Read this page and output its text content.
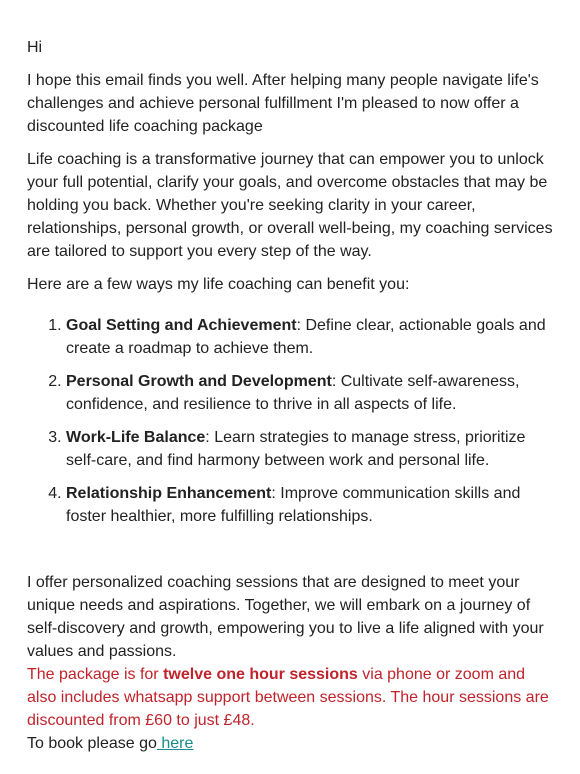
Hi

I hope this email finds you well. After helping many people navigate life's challenges and achieve personal fulfillment I'm pleased to now offer a discounted life coaching package

Life coaching is a transformative journey that can empower you to unlock your full potential, clarify your goals, and overcome obstacles that may be holding you back. Whether you're seeking clarity in your career, relationships, personal growth, or overall well-being, my coaching services are tailored to support you every step of the way.

Here are a few ways my life coaching can benefit you:

1. Goal Setting and Achievement: Define clear, actionable goals and create a roadmap to achieve them.
2. Personal Growth and Development: Cultivate self-awareness, confidence, and resilience to thrive in all aspects of life.
3. Work-Life Balance: Learn strategies to manage stress, prioritize self-care, and find harmony between work and personal life.
4. Relationship Enhancement: Improve communication skills and foster healthier, more fulfilling relationships.

I offer personalized coaching sessions that are designed to meet your unique needs and aspirations. Together, we will embark on a journey of self-discovery and growth, empowering you to live a life aligned with your values and passions.

The package is for twelve one hour sessions via phone or zoom and also includes whatsapp support between sessions. The hour sessions are discounted from £60 to just £48.

To book please go here
